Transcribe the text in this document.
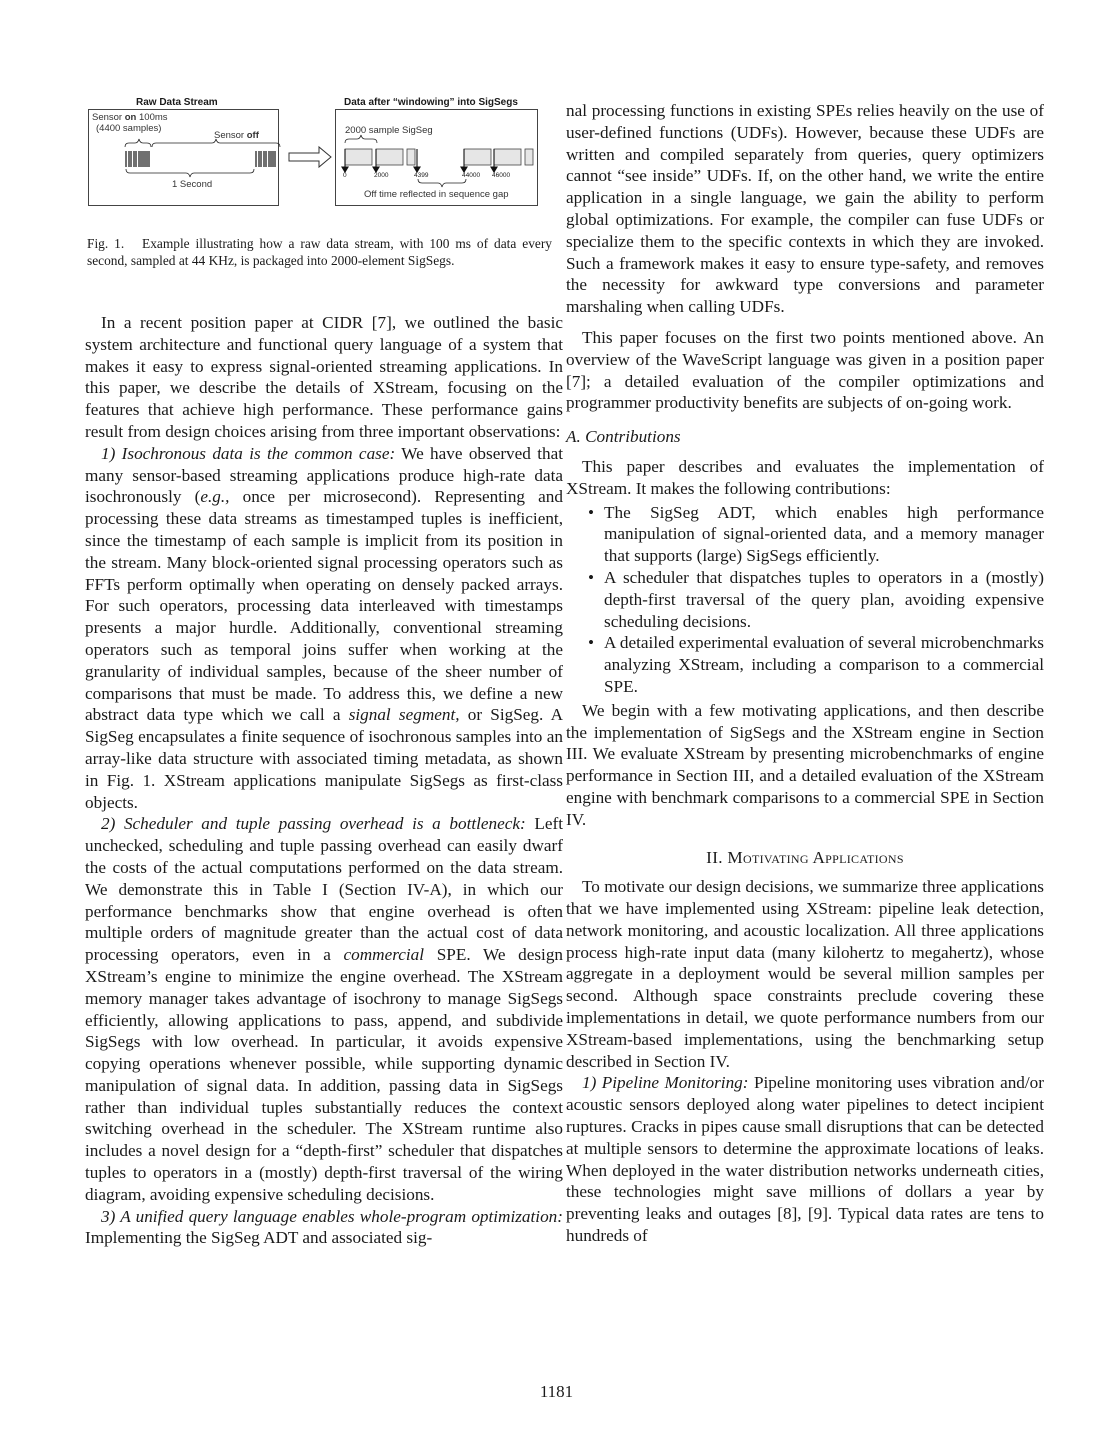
Raw Data Stream	Data after “windowing” into SigSegs
Sensor on 100ms
(4400 samples)
Sensor off
1 Second
2000 sample SigSeg
0	2000	4399	44000 46000
Off time reflected in sequence gap
Fig. 1. Example illustrating how a raw data stream, with 100 ms of data every second, sampled at 44 KHz, is packaged into 2000-element SigSegs.

In a recent position paper at CIDR [7], we outlined the basic system architecture and functional query language of a system that makes it easy to express signal-oriented streaming applications. In this paper, we describe the details of XStream, focusing on the features that achieve high performance. These performance gains result from design choices arising from three important observations:

1) Isochronous data is the common case: We have observed that many sensor-based streaming applications produce high-rate data isochronously (e.g., once per microsecond). Representing and processing these data streams as timestamped tuples is inefficient, since the timestamp of each sample is implicit from its position in the stream. Many block-oriented signal processing operators such as FFTs perform optimally when operating on densely packed arrays. For such operators, processing data interleaved with timestamps presents a major hurdle. Additionally, conventional streaming operators such as temporal joins suffer when working at the granularity of individual samples, because of the sheer number of comparisons that must be made. To address this, we define a new abstract data type which we call a signal segment, or SigSeg. A SigSeg encapsulates a finite sequence of isochronous samples into an array-like data structure with associated timing metadata, as shown in Fig. 1. XStream applications manipulate SigSegs as first-class objects.

2) Scheduler and tuple passing overhead is a bottleneck: Left unchecked, scheduling and tuple passing overhead can easily dwarf the costs of the actual computations performed on the data stream. We demonstrate this in Table I (Section IV-A), in which our performance benchmarks show that engine overhead is often multiple orders of magnitude greater than the actual cost of data processing operators, even in a commercial SPE. We design XStream’s engine to minimize the engine overhead. The XStream memory manager takes advantage of isochrony to manage SigSegs efficiently, allowing applications to pass, append, and subdivide SigSegs with low overhead. In particular, it avoids expensive copying operations whenever possible, while supporting dynamic manipulation of signal data. In addition, passing data in SigSegs rather than individual tuples substantially reduces the context switching overhead in the scheduler. The XStream runtime also includes a novel design for a “depth-first” scheduler that dispatches tuples to operators in a (mostly) depth-first traversal of the wiring diagram, avoiding expensive scheduling decisions.

3) A unified query language enables whole-program optimization: Implementing the SigSeg ADT and associated sig-

nal processing functions in existing SPEs relies heavily on the use of user-defined functions (UDFs). However, because these UDFs are written and compiled separately from queries, query optimizers cannot “see inside” UDFs. If, on the other hand, we write the entire application in a single language, we gain the ability to perform global optimizations. For example, the compiler can fuse UDFs or specialize them to the specific contexts in which they are invoked. Such a framework makes it easy to ensure type-safety, and removes the necessity for awkward type conversions and parameter marshaling when calling UDFs.

This paper focuses on the first two points mentioned above. An overview of the WaveScript language was given in a position paper [7]; a detailed evaluation of the compiler optimizations and programmer productivity benefits are subjects of on-going work.

A. Contributions

This paper describes and evaluates the implementation of XStream. It makes the following contributions:

• The SigSeg ADT, which enables high performance manipulation of signal-oriented data, and a memory manager that supports (large) SigSegs efficiently.
• A scheduler that dispatches tuples to operators in a (mostly) depth-first traversal of the query plan, avoiding expensive scheduling decisions.
• A detailed experimental evaluation of several microbenchmarks analyzing XStream, including a comparison to a commercial SPE.

We begin with a few motivating applications, and then describe the implementation of SigSegs and the XStream engine in Section III. We evaluate XStream by presenting microbenchmarks of engine performance in Section III, and a detailed evaluation of the XStream engine with benchmark comparisons to a commercial SPE in Section IV.

II. Motivating Applications

To motivate our design decisions, we summarize three applications that we have implemented using XStream: pipeline leak detection, network monitoring, and acoustic localization. All three applications process high-rate input data (many kilohertz to megahertz), whose aggregate in a deployment would be several million samples per second. Although space constraints preclude covering these implementations in detail, we quote performance numbers from our XStream-based implementations, using the benchmarking setup described in Section IV.

1) Pipeline Monitoring: Pipeline monitoring uses vibration and/or acoustic sensors deployed along water pipelines to detect incipient ruptures. Cracks in pipes cause small disruptions that can be detected at multiple sensors to determine the approximate locations of leaks. When deployed in the water distribution networks underneath cities, these technologies might save millions of dollars a year by preventing leaks and outages [8], [9]. Typical data rates are tens to hundreds of

1181
